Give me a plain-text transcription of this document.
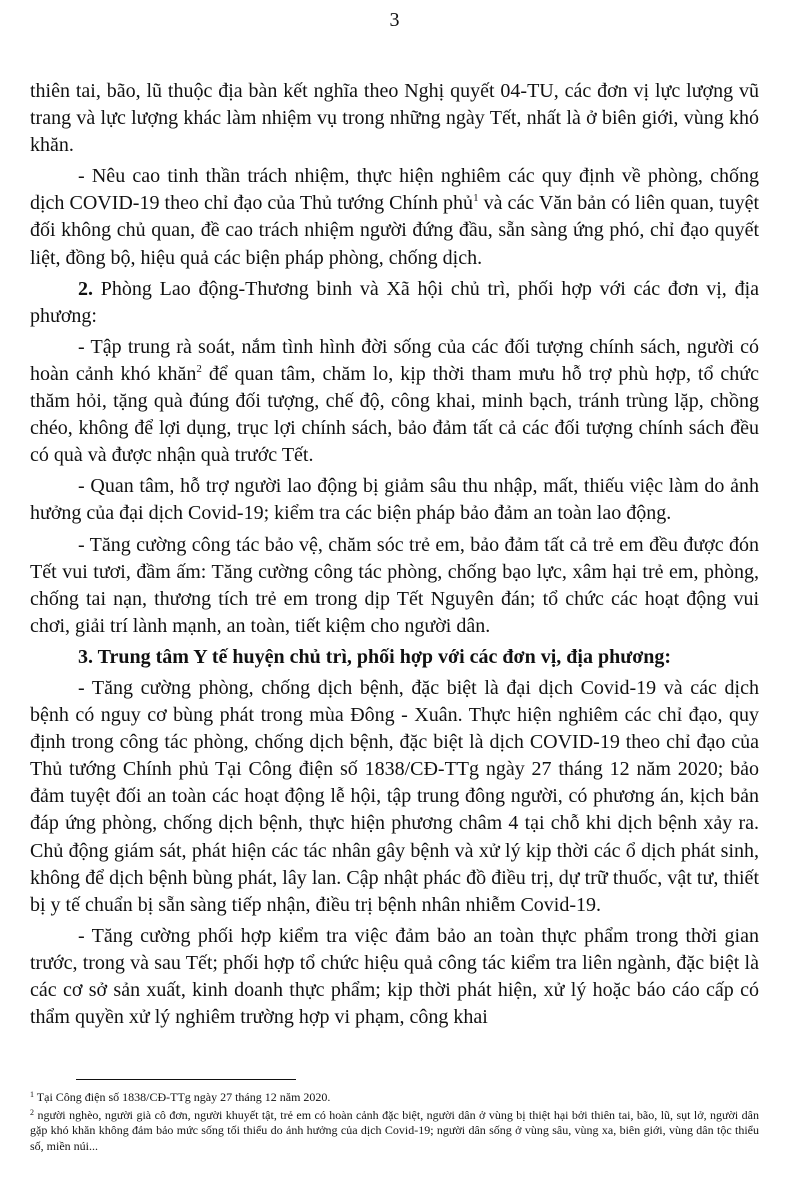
3

thiên tai, bão, lũ thuộc địa bàn kết nghĩa theo Nghị quyết 04-TU, các đơn vị lực lượng vũ trang và lực lượng khác làm nhiệm vụ trong những ngày Tết, nhất là ở biên giới, vùng khó khăn.

- Nêu cao tinh thần trách nhiệm, thực hiện nghiêm các quy định về phòng, chống dịch COVID-19 theo chỉ đạo của Thủ tướng Chính phủ$^1$ và các Văn bản có liên quan, tuyệt đối không chủ quan, đề cao trách nhiệm người đứng đầu, sẵn sàng ứng phó, chỉ đạo quyết liệt, đồng bộ, hiệu quả các biện pháp phòng, chống dịch.

2. Phòng Lao động-Thương binh và Xã hội chủ trì, phối hợp với các đơn vị, địa phương:

- Tập trung rà soát, nắm tình hình đời sống của các đối tượng chính sách, người có hoàn cảnh khó khăn$^2$ để quan tâm, chăm lo, kịp thời tham mưu hỗ trợ phù hợp, tổ chức thăm hỏi, tặng quà đúng đối tượng, chế độ, công khai, minh bạch, tránh trùng lặp, chồng chéo, không để lợi dụng, trục lợi chính sách, bảo đảm tất cả các đối tượng chính sách đều có quà và được nhận quà trước Tết.

- Quan tâm, hỗ trợ người lao động bị giảm sâu thu nhập, mất, thiếu việc làm do ảnh hưởng của đại dịch Covid-19; kiểm tra các biện pháp bảo đảm an toàn lao động.

- Tăng cường công tác bảo vệ, chăm sóc trẻ em, bảo đảm tất cả trẻ em đều được đón Tết vui tươi, đầm ấm: Tăng cường công tác phòng, chống bạo lực, xâm hại trẻ em, phòng, chống tai nạn, thương tích trẻ em trong dịp Tết Nguyên đán; tổ chức các hoạt động vui chơi, giải trí lành mạnh, an toàn, tiết kiệm cho người dân.

3. Trung tâm Y tế huyện chủ trì, phối hợp với các đơn vị, địa phương:

- Tăng cường phòng, chống dịch bệnh, đặc biệt là đại dịch Covid-19 và các dịch bệnh có nguy cơ bùng phát trong mùa Đông - Xuân. Thực hiện nghiêm các chỉ đạo, quy định trong công tác phòng, chống dịch bệnh, đặc biệt là dịch COVID-19 theo chỉ đạo của Thủ tướng Chính phủ Tại Công điện số 1838/CĐ-TTg ngày 27 tháng 12 năm 2020; bảo đảm tuyệt đối an toàn các hoạt động lễ hội, tập trung đông người, có phương án, kịch bản đáp ứng phòng, chống dịch bệnh, thực hiện phương châm 4 tại chỗ khi dịch bệnh xảy ra. Chủ động giám sát, phát hiện các tác nhân gây bệnh và xử lý kịp thời các ổ dịch phát sinh, không để dịch bệnh bùng phát, lây lan. Cập nhật phác đồ điều trị, dự trữ thuốc, vật tư, thiết bị y tế chuẩn bị sẵn sàng tiếp nhận, điều trị bệnh nhân nhiễm Covid-19.

- Tăng cường phối hợp kiểm tra việc đảm bảo an toàn thực phẩm trong thời gian trước, trong và sau Tết; phối hợp tổ chức hiệu quả công tác kiểm tra liên ngành, đặc biệt là các cơ sở sản xuất, kinh doanh thực phẩm; kịp thời phát hiện, xử lý hoặc báo cáo cấp có thẩm quyền xử lý nghiêm trường hợp vi phạm, công khai

$^1$ Tại Công điện số 1838/CĐ-TTg ngày 27 tháng 12 năm 2020.

$^2$ người nghèo, người già cô đơn, người khuyết tật, trẻ em có hoàn cảnh đặc biệt, người dân ở vùng bị thiệt hại bởi thiên tai, bão, lũ, sụt lở, người dân gặp khó khăn không đảm bảo mức sống tối thiểu do ảnh hưởng của dịch Covid-19; người dân sống ở vùng sâu, vùng xa, biên giới, vùng dân tộc thiểu số, miền núi...
